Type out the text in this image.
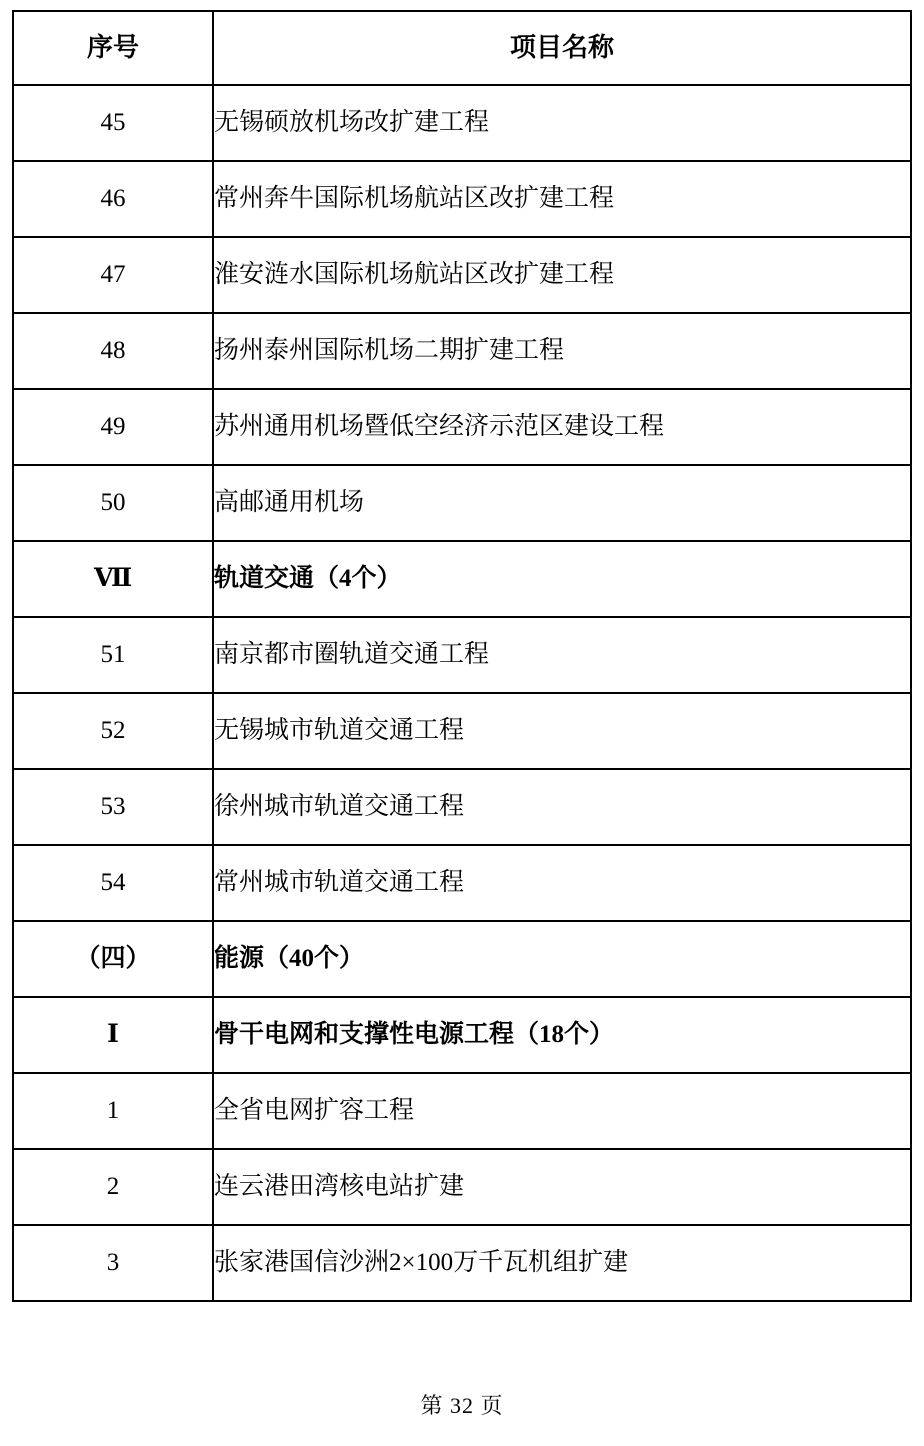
序号	项目名称
45	无锡硕放机场改扩建工程
46	常州奔牛国际机场航站区改扩建工程
47	淮安涟水国际机场航站区改扩建工程
48	扬州泰州国际机场二期扩建工程
49	苏州通用机场暨低空经济示范区建设工程
50	高邮通用机场
Ⅶ	轨道交通（4个）
51	南京都市圈轨道交通工程
52	无锡城市轨道交通工程
53	徐州城市轨道交通工程
54	常州城市轨道交通工程
（四）	能源（40个）
Ⅰ	骨干电网和支撑性电源工程（18个）
1	全省电网扩容工程
2	连云港田湾核电站扩建
3	张家港国信沙洲2×100万千瓦机组扩建
第 32 页
